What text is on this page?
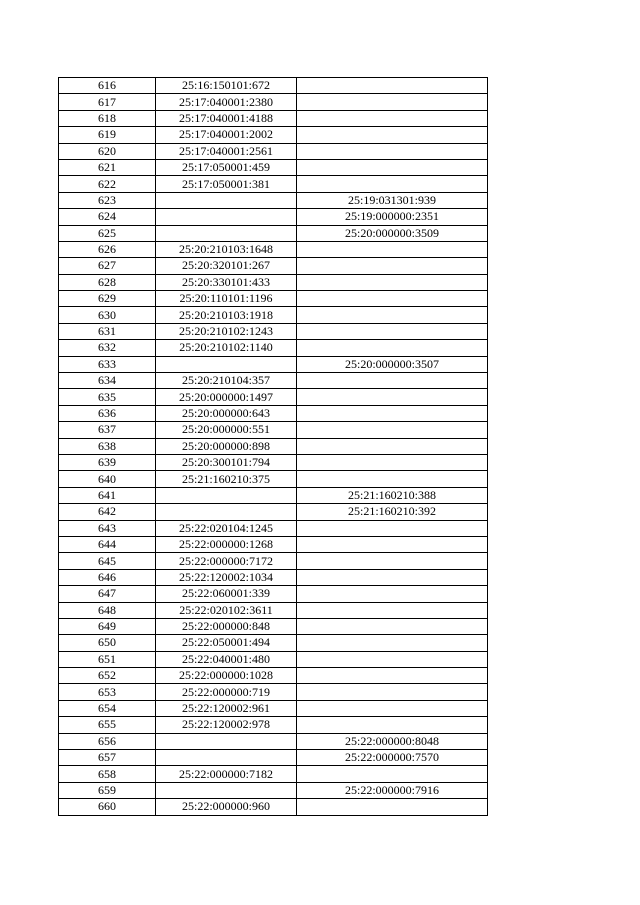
616	25:16:150101:672	
617	25:17:040001:2380	
618	25:17:040001:4188	
619	25:17:040001:2002	
620	25:17:040001:2561	
621	25:17:050001:459	
622	25:17:050001:381	
623		25:19:031301:939
624		25:19:000000:2351
625		25:20:000000:3509
626	25:20:210103:1648	
627	25:20:320101:267	
628	25:20:330101:433	
629	25:20:110101:1196	
630	25:20:210103:1918	
631	25:20:210102:1243	
632	25:20:210102:1140	
633		25:20:000000:3507
634	25:20:210104:357	
635	25:20:000000:1497	
636	25:20:000000:643	
637	25:20:000000:551	
638	25:20:000000:898	
639	25:20:300101:794	
640	25:21:160210:375	
641		25:21:160210:388
642		25:21:160210:392
643	25:22:020104:1245	
644	25:22:000000:1268	
645	25:22:000000:7172	
646	25:22:120002:1034	
647	25:22:060001:339	
648	25:22:020102:3611	
649	25:22:000000:848	
650	25:22:050001:494	
651	25:22:040001:480	
652	25:22:000000:1028	
653	25:22:000000:719	
654	25:22:120002:961	
655	25:22:120002:978	
656		25:22:000000:8048
657		25:22:000000:7570
658	25:22:000000:7182	
659		25:22:000000:7916
660	25:22:000000:960	
